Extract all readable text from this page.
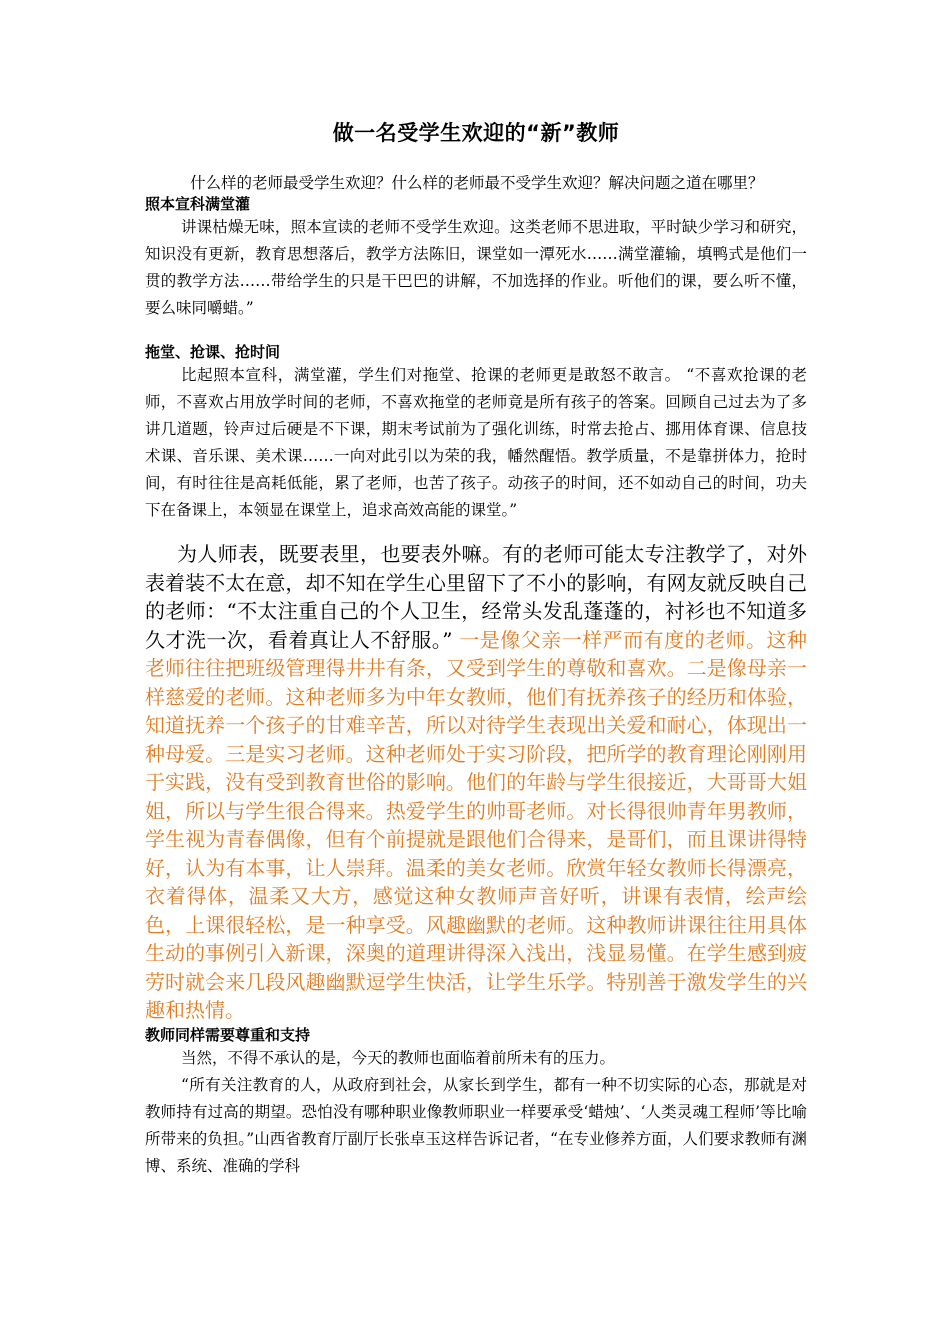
做一名受学生欢迎的“新”教师

什么样的老师最受学生欢迎？什么样的老师最不受学生欢迎？解决问题之道在哪里？

照本宣科满堂灌

讲课枯燥无味，照本宣读的老师不受学生欢迎。这类老师不思进取，平时缺少学习和研究，知识没有更新，教育思想落后，教学方法陈旧，课堂如一潭死水……满堂灌输，填鸭式是他们一贯的教学方法……带给学生的只是干巴巴的讲解，不加选择的作业。听他们的课，要么听不懂，要么味同嚼蜡。”

拖堂、抢课、抢时间

比起照本宣科，满堂灌，学生们对拖堂、抢课的老师更是敢怒不敢言。 “不喜欢抢课的老师，不喜欢占用放学时间的老师，不喜欢拖堂的老师竟是所有孩子的答案。回顾自己过去为了多讲几道题，铃声过后硬是不下课，期末考试前为了强化训练，时常去抢占、挪用体育课、信息技术课、音乐课、美术课……一向对此引以为荣的我，幡然醒悟。教学质量，不是靠拼体力，抢时间，有时往往是高耗低能，累了老师，也苦了孩子。动孩子的时间，还不如动自己的时间，功夫下在备课上，本领显在课堂上，追求高效高能的课堂。”

为人师表，既要表里，也要表外嘛。有的老师可能太专注教学了，对外表着装不太在意，却不知在学生心里留下了不小的影响，有网友就反映自己的老师：“不太注重自己的个人卫生，经常头发乱蓬蓬的，衬衫也不知道多久才洗一次，看着真让人不舒服。” 一是像父亲一样严而有度的老师。这种老师往往把班级管理得井井有条，又受到学生的尊敬和喜欢。二是像母亲一样慈爱的老师。这种老师多为中年女教师，他们有抚养孩子的经历和体验，知道抚养一个孩子的甘难辛苦，所以对待学生表现出关爱和耐心，体现出一种母爱。三是实习老师。这种老师处于实习阶段，把所学的教育理论刚刚用于实践，没有受到教育世俗的影响。他们的年龄与学生很接近，大哥哥大姐姐，所以与学生很合得来。热爱学生的帅哥老师。对长得很帅青年男教师，学生视为青春偶像，但有个前提就是跟他们合得来，是哥们，而且课讲得特好，认为有本事，让人崇拜。温柔的美女老师。欣赏年轻女教师长得漂亮，衣着得体，温柔又大方，感觉这种女教师声音好听，讲课有表情，绘声绘色，上课很轻松，是一种享受。风趣幽默的老师。这种教师讲课往往用具体生动的事例引入新课，深奥的道理讲得深入浅出，浅显易懂。在学生感到疲劳时就会来几段风趣幽默逗学生快活，让学生乐学。特别善于激发学生的兴趣和热情。

教师同样需要尊重和支持

当然，不得不承认的是，今天的教师也面临着前所未有的压力。

“所有关注教育的人，从政府到社会，从家长到学生，都有一种不切实际的心态，那就是对教师持有过高的期望。恐怕没有哪种职业像教师职业一样要承受‘蜡烛’、‘人类灵魂工程师’等比喻所带来的负担。”山西省教育厅副厅长张卓玉这样告诉记者，“在专业修养方面，人们要求教师有渊博、系统、准确的学科
